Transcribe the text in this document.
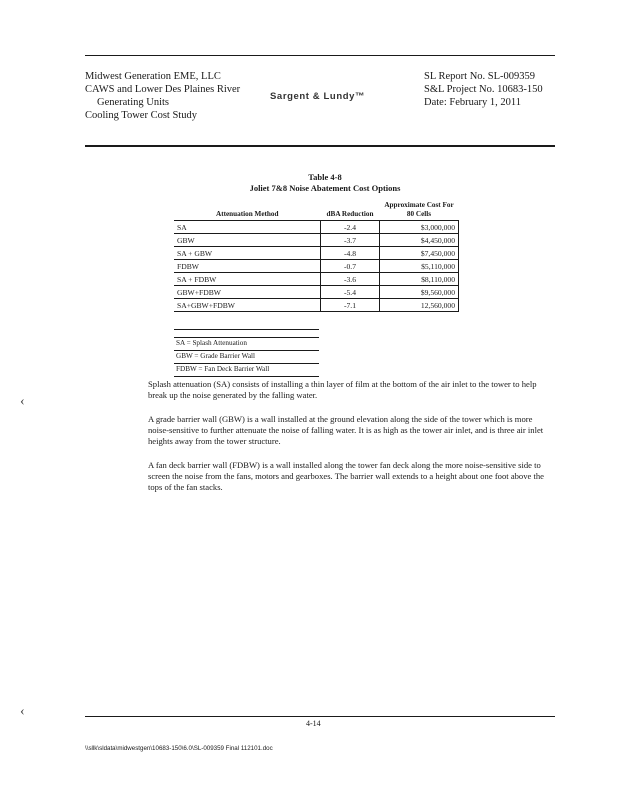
Midwest Generation EME, LLC
CAWS and Lower Des Plaines River
Generating Units
Cooling Tower Cost Study
Sargent & Lundy™
SL Report No. SL-009359
S&L Project No. 10683-150
Date: February 1, 2011
Table 4-8
Joliet 7&8 Noise Abatement Cost Options
Attenuation Method	dBA Reduction	Approximate Cost For 80 Cells
SA	-2.4	$3,000,000
GBW	-3.7	$4,450,000
SA + GBW	-4.8	$7,450,000
FDBW	-0.7	$5,110,000
SA + FDBW	-3.6	$8,110,000
GBW+FDBW	-5.4	$9,560,000
SA+GBW+FDBW	-7.1	12,560,000
SA = Splash Attenuation
GBW = Grade Barrier Wall
FDBW = Fan Deck Barrier Wall
Splash attenuation (SA) consists of installing a thin layer of film at the bottom of the air inlet to the tower to help break up the noise generated by the falling water.
A grade barrier wall (GBW) is a wall installed at the ground elevation along the side of the tower which is more noise-sensitive to further attenuate the noise of falling water. It is as high as the tower air inlet, and is three air inlet heights away from the tower structure.
A fan deck barrier wall (FDBW) is a wall installed along the tower fan deck along the more noise-sensitive side to screen the noise from the fans, motors and gearboxes. The barrier wall extends to a height about one foot above the tops of the fan stacks.
‹
‹
4-14
\\sllk\sldata\midwestgen\10683-150\6.0\SL-009359 Final 112101.doc
